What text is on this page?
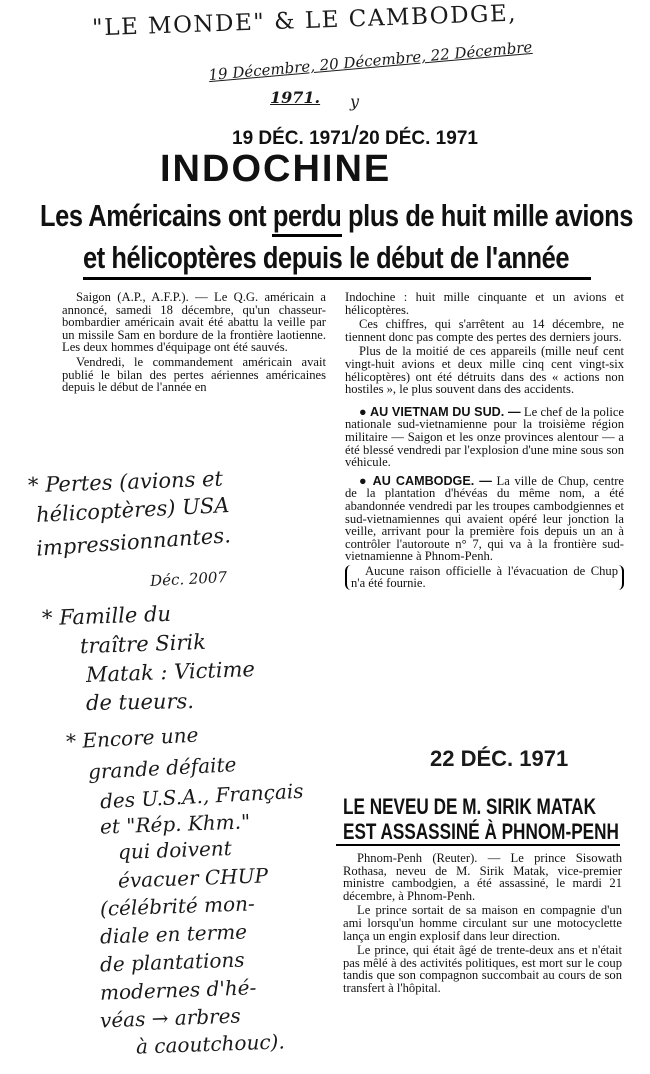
"LE MONDE" & LE CAMBODGE,
19 Décembre, 20 Décembre, 22 Décembre
1971. y
19 DÉC. 1971/20 DÉC. 1971
INDOCHINE
Les Américains ont perdu plus de huit mille avions
et hélicoptères depuis le début de l'année

Saigon (A.P., A.F.P.). — Le Q.G. américain a annoncé, samedi 18 décembre, qu'un chasseur-bombardier américain avait été abattu la veille par un missile Sam en bordure de la frontière laotienne. Les deux hommes d'équipage ont été sauvés.

Vendredi, le commandement américain avait publié le bilan des pertes aériennes américaines depuis le début de l'année en

Indochine : huit mille cinquante et un avions et hélicoptères.

Ces chiffres, qui s'arrêtent au 14 décembre, ne tiennent donc pas compte des pertes des derniers jours.

Plus de la moitié de ces appareils (mille neuf cent vingt-huit avions et deux mille cinq cent vingt-six hélicoptères) ont été détruits dans des « actions non hostiles », le plus souvent dans des accidents.

● AU VIETNAM DU SUD. — Le chef de la police nationale sud-vietnamienne pour la troisième région militaire — Saigon et les onze provinces alentour — a été blessé vendredi par l'explosion d'une mine sous son véhicule.

● AU CAMBODGE. — La ville de Chup, centre de la plantation d'hévéas du même nom, a été abandonnée vendredi par les troupes cambodgiennes et sud-vietnamiennes qui avaient opéré leur jonction la veille, arrivant pour la première fois depuis un an à contrôler l'autoroute n° 7, qui va à la frontière sud-vietnamienne à Phnom-Penh.

Aucune raison officielle à l'évacuation de Chup n'a été fournie.

* Pertes (avions et
hélicoptères) USA
impressionnantes.
Déc. 2007
* Famille du
traître Sirik
Matak : Victime
de tueurs.
* Encore une
grande défaite
des U.S.A., Français
et "Rép. Khm."
qui doivent
évacuer CHUP
(célébrité mon-
diale en terme
de plantations
modernes d'hé-
véas → arbres
à caoutchouc).
22 DÉC. 1971
LE NEVEU DE M. SIRIK MATAK
EST ASSASSINÉ À PHNOM-PENH

Phnom-Penh (Reuter). — Le prince Sisowath Rothasa, neveu de M. Sirik Matak, vice-premier ministre cambodgien, a été assassiné, le mardi 21 décembre, à Phnom-Penh.

Le prince sortait de sa maison en compagnie d'un ami lorsqu'un homme circulant sur une motocyclette lança un engin explosif dans leur direction.

Le prince, qui était âgé de trente-deux ans et n'était pas mêlé à des activités politiques, est mort sur le coup tandis que son compagnon succombait au cours de son transfert à l'hôpital.
